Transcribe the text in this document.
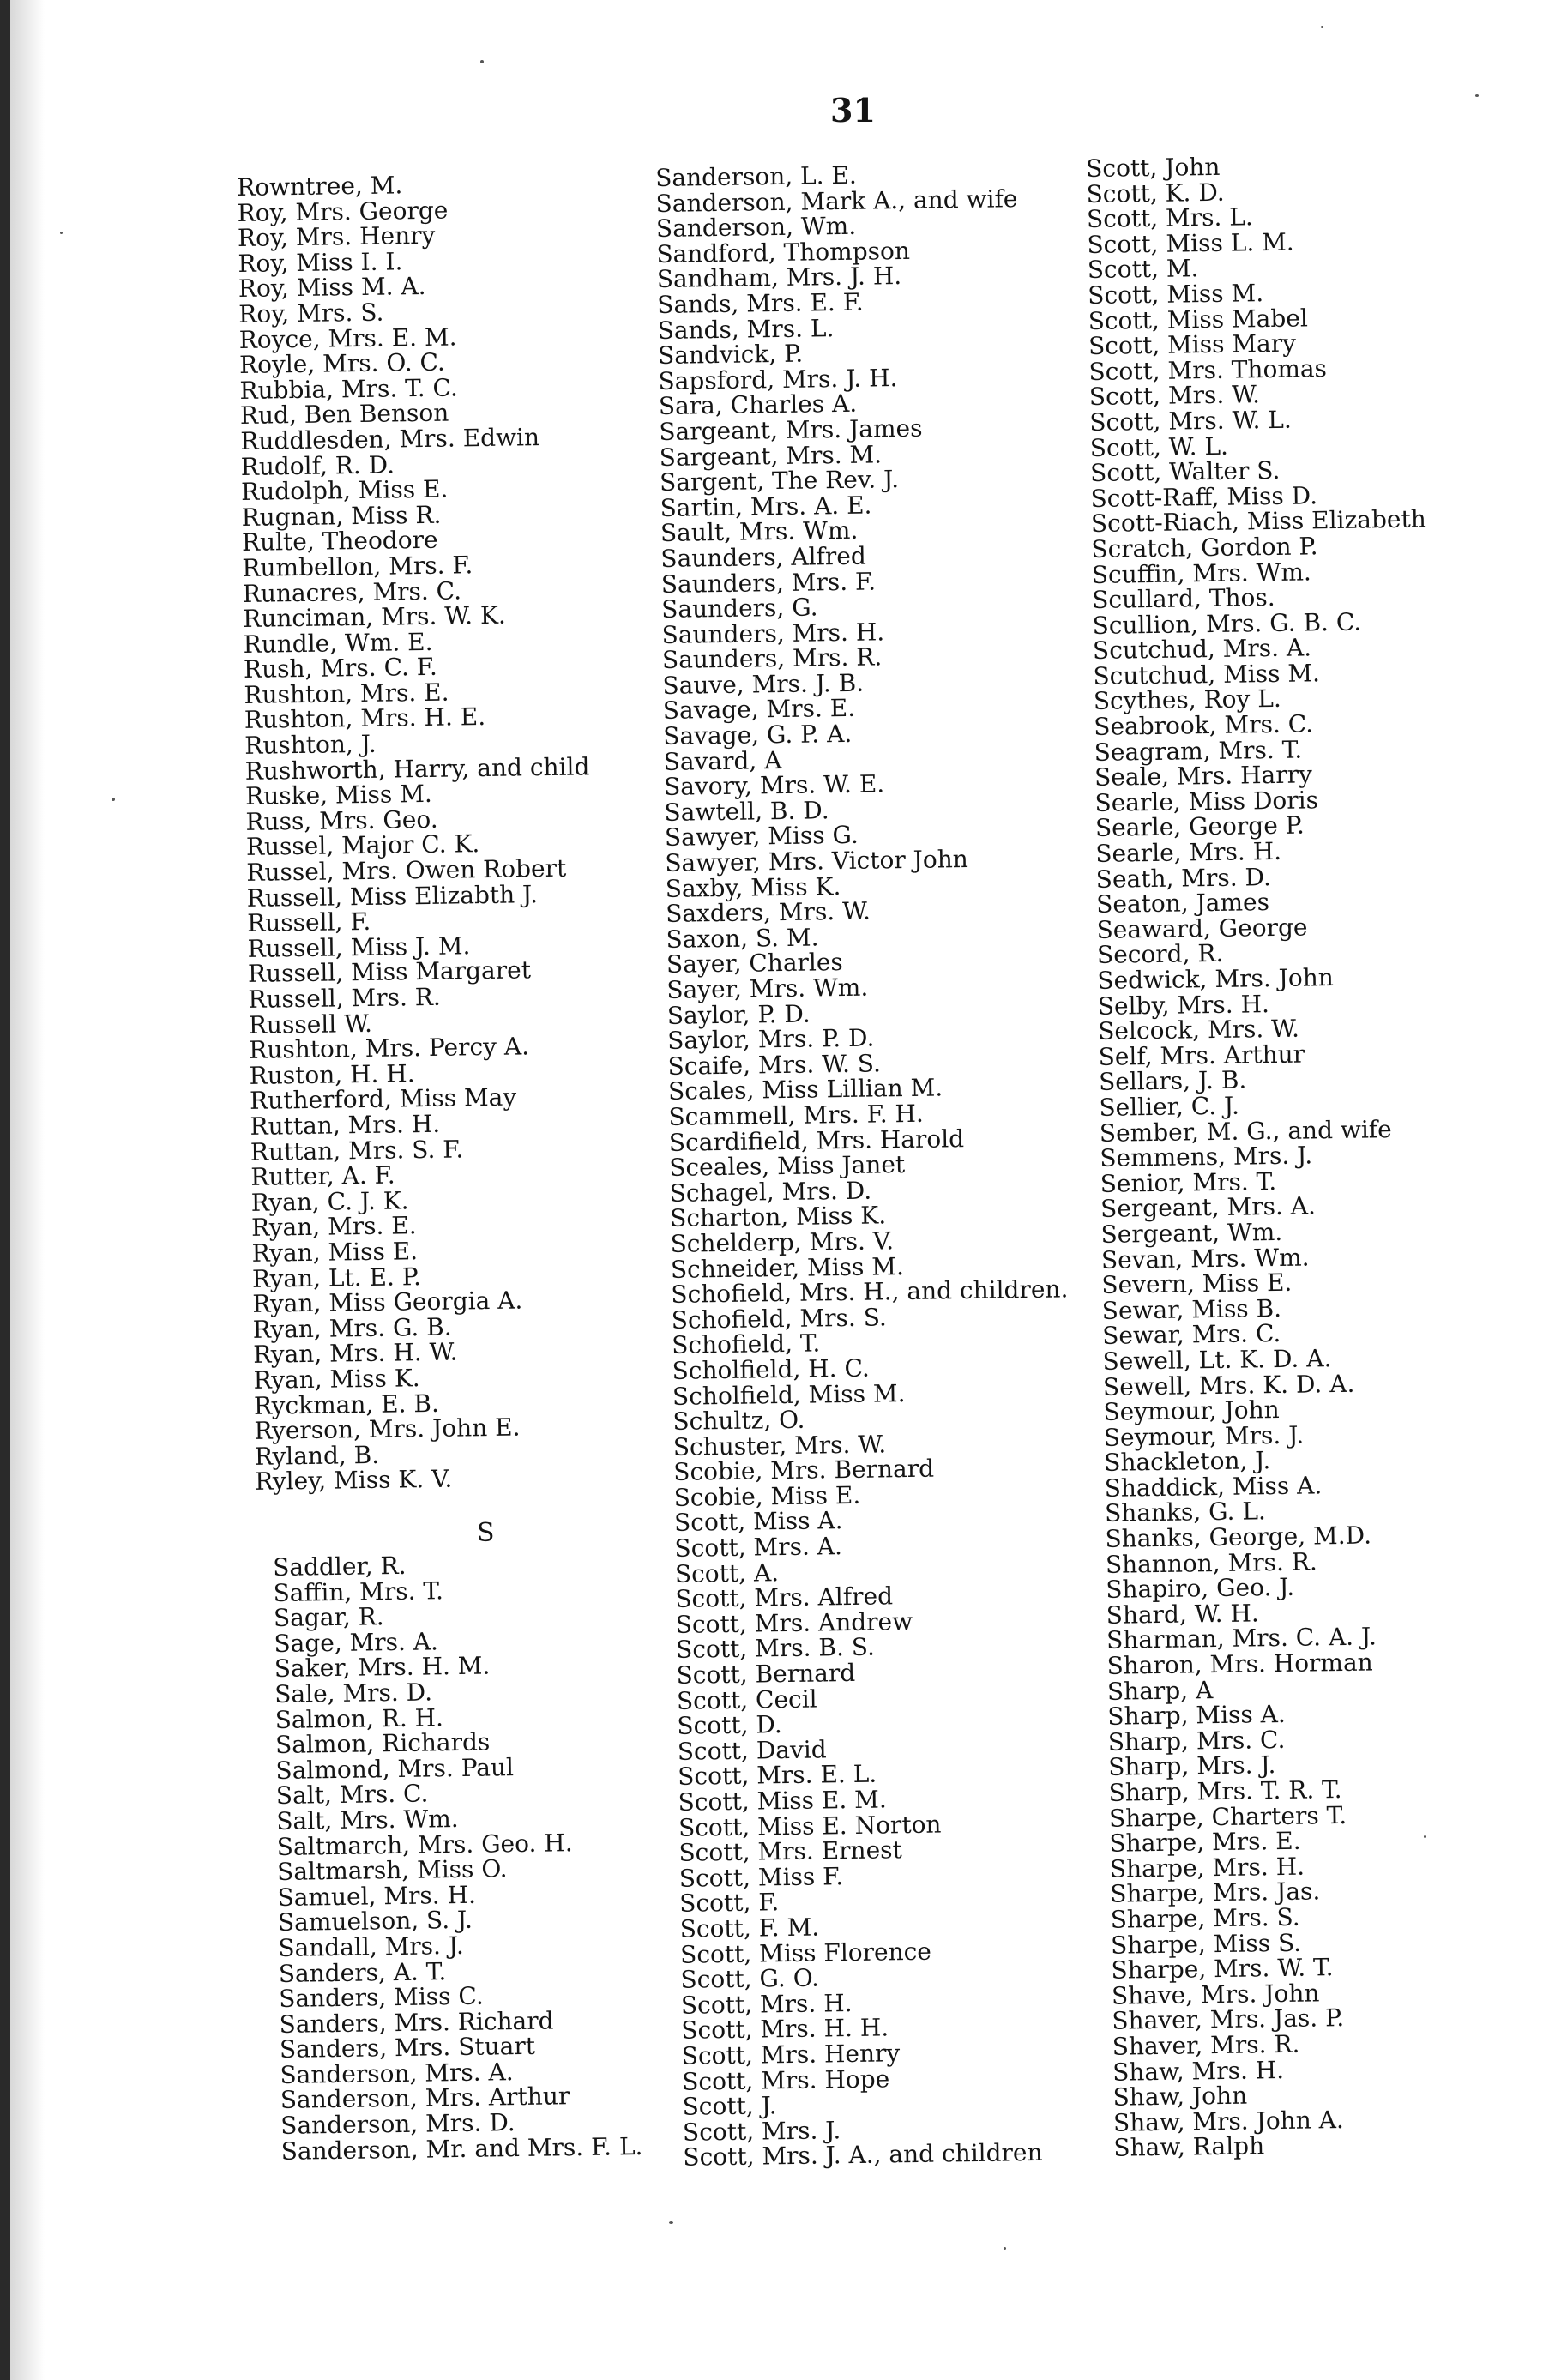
31
Rowntree, M.
Roy, Mrs. George
Roy, Mrs. Henry
Roy, Miss I. I.
Roy, Miss M. A.
Roy, Mrs. S.
Royce, Mrs. E. M.
Royle, Mrs. O. C.
Rubbia, Mrs. T. C.
Rud, Ben Benson
Ruddlesden, Mrs. Edwin
Rudolf, R. D.
Rudolph, Miss E.
Rugnan, Miss R.
Rulte, Theodore
Rumbellon, Mrs. F.
Runacres, Mrs. C.
Runciman, Mrs. W. K.
Rundle, Wm. E.
Rush, Mrs. C. F.
Rushton, Mrs. E.
Rushton, Mrs. H. E.
Rushton, J.
Rushworth, Harry, and child
Ruske, Miss M.
Russ, Mrs. Geo.
Russel, Major C. K.
Russel, Mrs. Owen Robert
Russell, Miss Elizabth J.
Russell, F.
Russell, Miss J. M.
Russell, Miss Margaret
Russell, Mrs. R.
Russell W.
Rushton, Mrs. Percy A.
Ruston, H. H.
Rutherford, Miss May
Ruttan, Mrs. H.
Ruttan, Mrs. S. F.
Rutter, A. F.
Ryan, C. J. K.
Ryan, Mrs. E.
Ryan, Miss E.
Ryan, Lt. E. P.
Ryan, Miss Georgia A.
Ryan, Mrs. G. B.
Ryan, Mrs. H. W.
Ryan, Miss K.
Ryckman, E. B.
Ryerson, Mrs. John E.
Ryland, B.
Ryley, Miss K. V.
S
Saddler, R.
Saffin, Mrs. T.
Sagar, R.
Sage, Mrs. A.
Saker, Mrs. H. M.
Sale, Mrs. D.
Salmon, R. H.
Salmon, Richards
Salmond, Mrs. Paul
Salt, Mrs. C.
Salt, Mrs. Wm.
Saltmarch, Mrs. Geo. H.
Saltmarsh, Miss O.
Samuel, Mrs. H.
Samuelson, S. J.
Sandall, Mrs. J.
Sanders, A. T.
Sanders, Miss C.
Sanders, Mrs. Richard
Sanders, Mrs. Stuart
Sanderson, Mrs. A.
Sanderson, Mrs. Arthur
Sanderson, Mrs. D.
Sanderson, Mr. and Mrs. F. L.
Sanderson, L. E.
Sanderson, Mark A., and wife
Sanderson, Wm.
Sandford, Thompson
Sandham, Mrs. J. H.
Sands, Mrs. E. F.
Sands, Mrs. L.
Sandvick, P.
Sapsford, Mrs. J. H.
Sara, Charles A.
Sargeant, Mrs. James
Sargeant, Mrs. M.
Sargent, The Rev. J.
Sartin, Mrs. A. E.
Sault, Mrs. Wm.
Saunders, Alfred
Saunders, Mrs. F.
Saunders, G.
Saunders, Mrs. H.
Saunders, Mrs. R.
Sauve, Mrs. J. B.
Savage, Mrs. E.
Savage, G. P. A.
Savard, A
Savory, Mrs. W. E.
Sawtell, B. D.
Sawyer, Miss G.
Sawyer, Mrs. Victor John
Saxby, Miss K.
Saxders, Mrs. W.
Saxon, S. M.
Sayer, Charles
Sayer, Mrs. Wm.
Saylor, P. D.
Saylor, Mrs. P. D.
Scaife, Mrs. W. S.
Scales, Miss Lillian M.
Scammell, Mrs. F. H.
Scardifield, Mrs. Harold
Sceales, Miss Janet
Schagel, Mrs. D.
Scharton, Miss K.
Schelderp, Mrs. V.
Schneider, Miss M.
Schofield, Mrs. H., and children.
Schofield, Mrs. S.
Schofield, T.
Scholfield, H. C.
Scholfield, Miss M.
Schultz, O.
Schuster, Mrs. W.
Scobie, Mrs. Bernard
Scobie, Miss E.
Scott, Miss A.
Scott, Mrs. A.
Scott, A.
Scott, Mrs. Alfred
Scott, Mrs. Andrew
Scott, Mrs. B. S.
Scott, Bernard
Scott, Cecil
Scott, D.
Scott, David
Scott, Mrs. E. L.
Scott, Miss E. M.
Scott, Miss E. Norton
Scott, Mrs. Ernest
Scott, Miss F.
Scott, F.
Scott, F. M.
Scott, Miss Florence
Scott, G. O.
Scott, Mrs. H.
Scott, Mrs. H. H.
Scott, Mrs. Henry
Scott, Mrs. Hope
Scott, J.
Scott, Mrs. J.
Scott, Mrs. J. A., and children
Scott, John
Scott, K. D.
Scott, Mrs. L.
Scott, Miss L. M.
Scott, M.
Scott, Miss M.
Scott, Miss Mabel
Scott, Miss Mary
Scott, Mrs. Thomas
Scott, Mrs. W.
Scott, Mrs. W. L.
Scott, W. L.
Scott, Walter S.
Scott-Raff, Miss D.
Scott-Riach, Miss Elizabeth
Scratch, Gordon P.
Scuffin, Mrs. Wm.
Scullard, Thos.
Scullion, Mrs. G. B. C.
Scutchud, Mrs. A.
Scutchud, Miss M.
Scythes, Roy L.
Seabrook, Mrs. C.
Seagram, Mrs. T.
Seale, Mrs. Harry
Searle, Miss Doris
Searle, George P.
Searle, Mrs. H.
Seath, Mrs. D.
Seaton, James
Seaward, George
Secord, R.
Sedwick, Mrs. John
Selby, Mrs. H.
Selcock, Mrs. W.
Self, Mrs. Arthur
Sellars, J. B.
Sellier, C. J.
Sember, M. G., and wife
Semmens, Mrs. J.
Senior, Mrs. T.
Sergeant, Mrs. A.
Sergeant, Wm.
Sevan, Mrs. Wm.
Severn, Miss E.
Sewar, Miss B.
Sewar, Mrs. C.
Sewell, Lt. K. D. A.
Sewell, Mrs. K. D. A.
Seymour, John
Seymour, Mrs. J.
Shackleton, J.
Shaddick, Miss A.
Shanks, G. L.
Shanks, George, M.D.
Shannon, Mrs. R.
Shapiro, Geo. J.
Shard, W. H.
Sharman, Mrs. C. A. J.
Sharon, Mrs. Horman
Sharp, A
Sharp, Miss A.
Sharp, Mrs. C.
Sharp, Mrs. J.
Sharp, Mrs. T. R. T.
Sharpe, Charters T.
Sharpe, Mrs. E.
Sharpe, Mrs. H.
Sharpe, Mrs. Jas.
Sharpe, Mrs. S.
Sharpe, Miss S.
Sharpe, Mrs. W. T.
Shave, Mrs. John
Shaver, Mrs. Jas. P.
Shaver, Mrs. R.
Shaw, Mrs. H.
Shaw, John
Shaw, Mrs. John A.
Shaw, Ralph
